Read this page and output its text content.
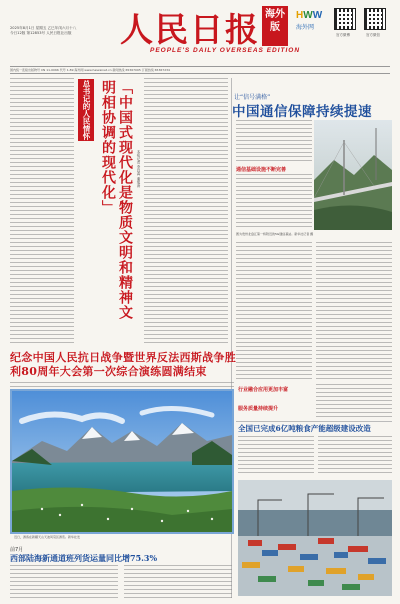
2025年8月1日 星期五 乙巳年闰六月十八
今日12版 第12853号 人民日报社出版	人民日报 海外版
PEOPLE'S DAILY OVERSEAS EDITION
HWW
海外网
官方微博	官方微信
国内统一连续出版物号 CN 11-0066 代号 1-89 海外网 www.haiwainet.cn 新闻热线 65367095 订阅热线 65367234
总书记的人民情怀	「中国式现代化是物质文明和精神文明相协调的现代化」	本报记者 李昌禹 潘旭涛
让“信号满格”
中国通信保障持续提速
通信基础设施不断完善
图为贵州北盘江第一桥附近的5G通信基站。新华社记者 摄
行业融合应用更加丰富
服务质量持续提升
全国已完成6亿吨粮食产能超级建设改造
纪念中国人民抗日战争暨世界反法西斯战争胜利80周年大会第一次综合演练圆满结束
近日，游客在新疆天山天池风景区游览。新华社发
前7月
西部陆海新通道班列货运量同比增75.3%
